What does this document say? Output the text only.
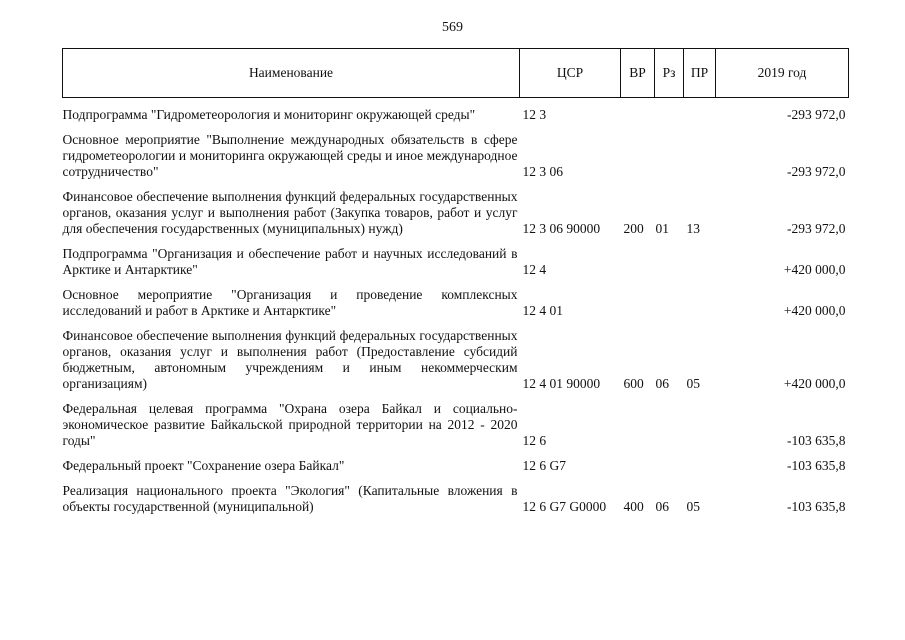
569
Наименование	ЦСР	ВР	Рз	ПР	2019 год
Подпрограмма "Гидрометеорология и мониторинг окружающей среды"	12 3				-293 972,0
Основное мероприятие "Выполнение международных обязательств в сфере гидрометеорологии и мониторинга окружающей среды и иное международное сотрудничество"	12 3 06				-293 972,0
Финансовое обеспечение выполнения функций федеральных государственных органов, оказания услуг и выполнения работ (Закупка товаров, работ и услуг для обеспечения государственных (муниципальных) нужд)	12 3 06 90000	200	01	13	-293 972,0
Подпрограмма "Организация и обеспечение работ и научных исследований в Арктике и Антарктике"	12 4				+420 000,0
Основное мероприятие "Организация и проведение комплексных исследований и работ в Арктике и Антарктике"	12 4 01				+420 000,0
Финансовое обеспечение выполнения функций федеральных государственных органов, оказания услуг и выполнения работ (Предоставление субсидий бюджетным, автономным учреждениям и иным некоммерческим организациям)	12 4 01 90000	600	06	05	+420 000,0
Федеральная целевая программа "Охрана озера Байкал и социально-экономическое развитие Байкальской природной территории на 2012 - 2020 годы"	12 6				-103 635,8
Федеральный проект "Сохранение озера Байкал"	12 6 G7				-103 635,8
Реализация национального проекта "Экология" (Капитальные вложения в объекты государственной (муниципальной)	12 6 G7 G0000	400	06	05	-103 635,8
